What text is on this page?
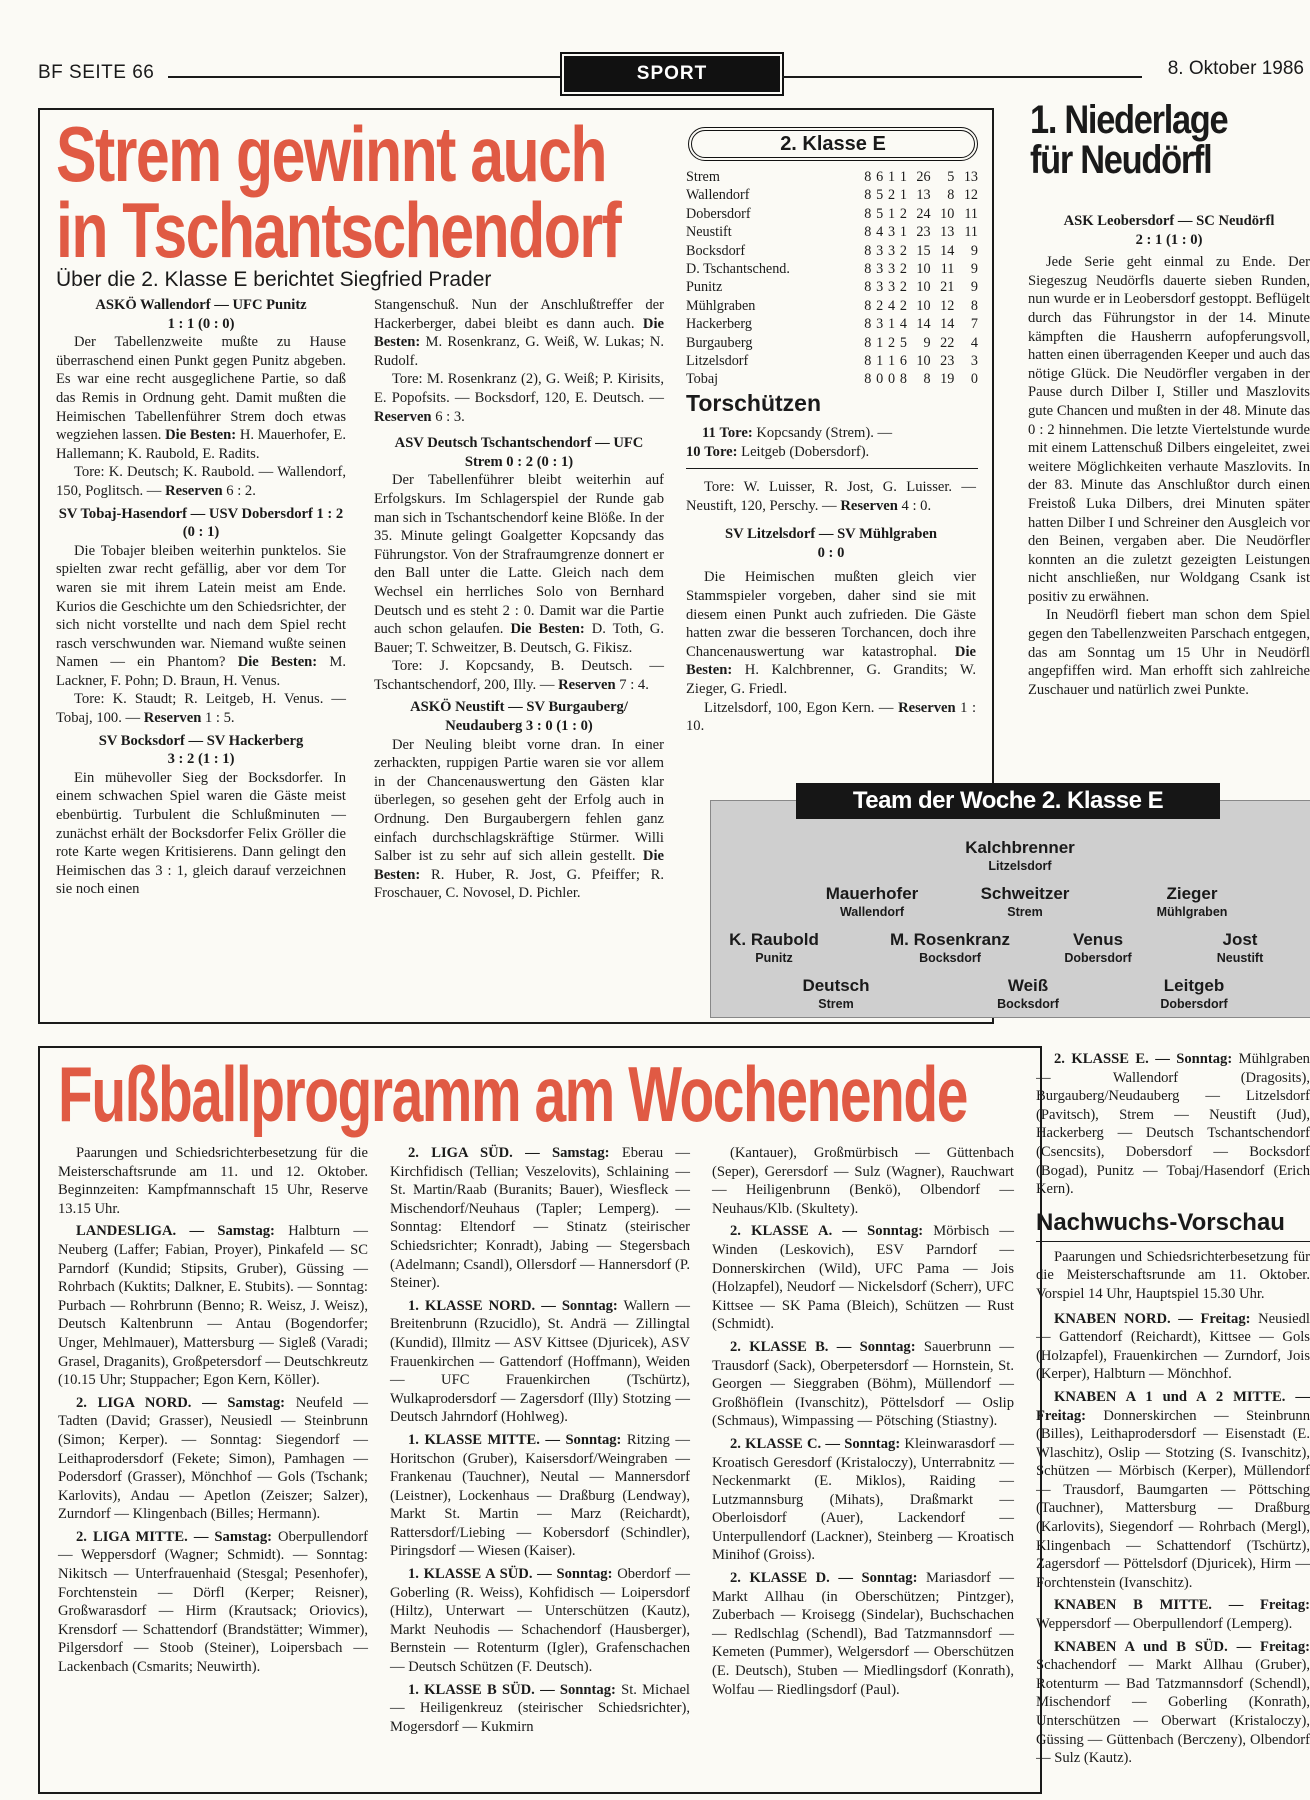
BF SEITE 66	SPORT	8. Oktober 1986
Strem gewinnt auch
in Tschantschendorf
Über die 2. Klasse E berichtet Siegfried Prader

ASKÖ Wallendorf — UFC Punitz

1 : 1 (0 : 0)

Der Tabellenzweite mußte zu Hause überraschend einen Punkt gegen Punitz abgeben. Es war eine recht ausgeglichene Partie, so daß das Remis in Ordnung geht. Damit mußten die Heimischen Tabellenführer Strem doch etwas wegziehen lassen. Die Besten: H. Mauerhofer, E. Hallemann; K. Raubold, E. Radits.

Tore: K. Deutsch; K. Raubold. — Wallendorf, 150, Poglitsch. — Reserven 6 : 2.

SV Tobaj-Hasendorf — USV Dobersdorf 1 : 2 (0 : 1)

Die Tobajer bleiben weiterhin punktelos. Sie spielten zwar recht gefällig, aber vor dem Tor waren sie mit ihrem Latein meist am Ende. Kurios die Geschichte um den Schiedsrichter, der sich nicht vorstellte und nach dem Spiel recht rasch verschwunden war. Niemand wußte seinen Namen — ein Phantom? Die Besten: M. Lackner, F. Pohn; D. Braun, H. Venus.

Tore: K. Staudt; R. Leitgeb, H. Venus. — Tobaj, 100. — Reserven 1 : 5.

SV Bocksdorf — SV Hackerberg

3 : 2 (1 : 1)

Ein mühevoller Sieg der Bocksdorfer. In einem schwachen Spiel waren die Gäste meist ebenbürtig. Turbulent die Schlußminuten — zunächst erhält der Bocksdorfer Felix Gröller die rote Karte wegen Kritisierens. Dann gelingt den Heimischen das 3 : 1, gleich darauf verzeichnen sie noch einen

Stangenschuß. Nun der Anschlußtreffer der Hackerberger, dabei bleibt es dann auch. Die Besten: M. Rosenkranz, G. Weiß, W. Lukas; N. Rudolf.

Tore: M. Rosenkranz (2), G. Weiß; P. Kirisits, E. Popofsits. — Bocksdorf, 120, E. Deutsch. — Reserven 6 : 3.

ASV Deutsch Tschantschendorf — UFC Strem 0 : 2 (0 : 1)

Der Tabellenführer bleibt weiterhin auf Erfolgskurs. Im Schlagerspiel der Runde gab man sich in Tschantschendorf keine Blöße. In der 35. Minute gelingt Goalgetter Kopcsandy das Führungstor. Von der Strafraumgrenze donnert er den Ball unter die Latte. Gleich nach dem Wechsel ein herrliches Solo von Bernhard Deutsch und es steht 2 : 0. Damit war die Partie auch schon gelaufen. Die Besten: D. Toth, G. Bauer; T. Schweitzer, B. Deutsch, G. Fikisz.

Tore: J. Kopcsandy, B. Deutsch. — Tschantschendorf, 200, Illy. — Reserven 7 : 4.

ASKÖ Neustift — SV Burgauberg/ Neudauberg 3 : 0 (1 : 0)

Der Neuling bleibt vorne dran. In einer zerhackten, ruppigen Partie waren sie vor allem in der Chancenauswertung den Gästen klar überlegen, so gesehen geht der Erfolg auch in Ordnung. Den Burgaubergern fehlen ganz einfach durchschlagskräftige Stürmer. Willi Salber ist zu sehr auf sich allein gestellt. Die Besten: R. Huber, R. Jost, G. Pfeiffer; R. Froschauer, C. Novosel, D. Pichler.

2. Klasse E
Strem	8	6	1	1	26	5	13
Wallendorf	8	5	2	1	13	8	12
Dobersdorf	8	5	1	2	24	10	11
Neustift	8	4	3	1	23	13	11
Bocksdorf	8	3	3	2	15	14	9
D. Tschantschend.	8	3	3	2	10	11	9
Punitz	8	3	3	2	10	21	9
Mühlgraben	8	2	4	2	10	12	8
Hackerberg	8	3	1	4	14	14	7
Burgauberg	8	1	2	5	9	22	4
Litzelsdorf	8	1	1	6	10	23	3
Tobaj	8	0	0	8	8	19	0
Torschützen

11 Tore: Kopcsandy (Strem). —

10 Tore: Leitgeb (Dobersdorf).

Tore: W. Luisser, R. Jost, G. Luisser. — Neustift, 120, Perschy. — Reserven 4 : 0.

SV Litzelsdorf — SV Mühlgraben

0 : 0

Die Heimischen mußten gleich vier Stammspieler vorgeben, daher sind sie mit diesem einen Punkt auch zufrieden. Die Gäste hatten zwar die besseren Torchancen, doch ihre Chancenauswertung war katastrophal. Die Besten: H. Kalchbrenner, G. Grandits; W. Zieger, G. Friedl.

Litzelsdorf, 100, Egon Kern. — Reserven 1 : 10.

Team der Woche 2. Klasse E
Kalchbrenner
Litzelsdorf
Mauerhofer
Wallendorf
Schweitzer
Strem
Zieger
Mühlgraben
K. Raubold
Punitz
M. Rosenkranz
Bocksdorf
Venus
Dobersdorf
Jost
Neustift
Deutsch
Strem
Weiß
Bocksdorf
Leitgeb
Dobersdorf
1. Niederlage
für Neudörfl

ASK Leobersdorf — SC Neudörfl

2 : 1 (1 : 0)

Jede Serie geht einmal zu Ende. Der Siegeszug Neudörfls dauerte sieben Runden, nun wurde er in Leobersdorf gestoppt. Beflügelt durch das Führungstor in der 14. Minute kämpften die Hausherrn aufopferungsvoll, hatten einen überragenden Keeper und auch das nötige Glück. Die Neudörfler vergaben in der Pause durch Dilber I, Stiller und Maszlovits gute Chancen und mußten in der 48. Minute das 0 : 2 hinnehmen. Die letzte Viertelstunde wurde mit einem Lattenschuß Dilbers eingeleitet, zwei weitere Möglichkeiten verhaute Maszlovits. In der 83. Minute das Anschlußtor durch einen Freistoß Luka Dilbers, drei Minuten später hatten Dilber I und Schreiner den Ausgleich vor den Beinen, vergaben aber. Die Neudörfler konnten an die zuletzt gezeigten Leistungen nicht anschließen, nur Woldgang Csank ist positiv zu erwähnen.

In Neudörfl fiebert man schon dem Spiel gegen den Tabellenzweiten Parschach entgegen, das am Sonntag um 15 Uhr in Neudörfl angepfiffen wird. Man erhofft sich zahlreiche Zuschauer und natürlich zwei Punkte.

Fußballprogramm am Wochenende

Paarungen und Schiedsrichterbesetzung für die Meisterschaftsrunde am 11. und 12. Oktober. Beginnzeiten: Kampfmannschaft 15 Uhr, Reserve 13.15 Uhr.

LANDESLIGA. — Samstag: Halbturn — Neuberg (Laffer; Fabian, Proyer), Pinkafeld — SC Parndorf (Kundid; Stipsits, Gruber), Güssing — Rohrbach (Kuktits; Dalkner, E. Stubits). — Sonntag: Purbach — Rohrbrunn (Benno; R. Weisz, J. Weisz), Deutsch Kaltenbrunn — Antau (Bogendorfer; Unger, Mehlmauer), Mattersburg — Sigleß (Varadi; Grasel, Draganits), Großpetersdorf — Deutschkreutz (10.15 Uhr; Stuppacher; Egon Kern, Köller).

2. LIGA NORD. — Samstag: Neufeld — Tadten (David; Grasser), Neusiedl — Steinbrunn (Simon; Kerper). — Sonntag: Siegendorf — Leithaprodersdorf (Fekete; Simon), Pamhagen — Podersdorf (Grasser), Mönchhof — Gols (Tschank; Karlovits), Andau — Apetlon (Zeiszer; Salzer), Zurndorf — Klingenbach (Billes; Hermann).

2. LIGA MITTE. — Samstag: Oberpullendorf — Weppersdorf (Wagner; Schmidt). — Sonntag: Nikitsch — Unterfrauenhaid (Stesgal; Pesenhofer), Forchtenstein — Dörfl (Kerper; Reisner), Großwarasdorf — Hirm (Krautsack; Oriovics), Krensdorf — Schattendorf (Brandstätter; Wimmer), Pilgersdorf — Stoob (Steiner), Loipersbach — Lackenbach (Csmarits; Neuwirth).

2. LIGA SÜD. — Samstag: Eberau — Kirchfidisch (Tellian; Veszelovits), Schlaining — St. Martin/Raab (Buranits; Bauer), Wiesfleck — Mischendorf/Neuhaus (Tapler; Lemperg). — Sonntag: Eltendorf — Stinatz (steirischer Schiedsrichter; Konradt), Jabing — Stegersbach (Adelmann; Csandl), Ollersdorf — Hannersdorf (P. Steiner).

1. KLASSE NORD. — Sonntag: Wallern — Breitenbrunn (Rzucidlo), St. Andrä — Zillingtal (Kundid), Illmitz — ASV Kittsee (Djuricek), ASV Frauenkirchen — Gattendorf (Hoffmann), Weiden — UFC Frauenkirchen (Tschürtz), Wulkaprodersdorf — Zagersdorf (Illy) Stotzing — Deutsch Jahrndorf (Hohlweg).

1. KLASSE MITTE. — Sonntag: Ritzing — Horitschon (Gruber), Kaisersdorf/Weingraben — Frankenau (Tauchner), Neutal — Mannersdorf (Leistner), Lockenhaus — Draßburg (Lendway), Markt St. Martin — Marz (Reichardt), Rattersdorf/Liebing — Kobersdorf (Schindler), Piringsdorf — Wiesen (Kaiser).

1. KLASSE A SÜD. — Sonntag: Oberdorf — Goberling (R. Weiss), Kohfidisch — Loipersdorf (Hiltz), Unterwart — Unterschützen (Kautz), Markt Neuhodis — Schachendorf (Hausberger), Bernstein — Rotenturm (Igler), Grafenschachen — Deutsch Schützen (F. Deutsch).

1. KLASSE B SÜD. — Sonntag: St. Michael — Heiligenkreuz (steirischer Schiedsrichter), Mogersdorf — Kukmirn

(Kantauer), Großmürbisch — Güttenbach (Seper), Gerersdorf — Sulz (Wagner), Rauchwart — Heiligenbrunn (Benkö), Olbendorf — Neuhaus/Klb. (Skultety).

2. KLASSE A. — Sonntag: Mörbisch — Winden (Leskovich), ESV Parndorf — Donnerskirchen (Wild), UFC Pama — Jois (Holzapfel), Neudorf — Nickelsdorf (Scherr), UFC Kittsee — SK Pama (Bleich), Schützen — Rust (Schmidt).

2. KLASSE B. — Sonntag: Sauerbrunn — Trausdorf (Sack), Oberpetersdorf — Hornstein, St. Georgen — Sieggraben (Böhm), Müllendorf — Großhöflein (Ivanschitz), Pöttelsdorf — Oslip (Schmaus), Wimpassing — Pötsching (Stiastny).

2. KLASSE C. — Sonntag: Kleinwarasdorf — Kroatisch Geresdorf (Kristaloczy), Unterrabnitz — Neckenmarkt (E. Miklos), Raiding — Lutzmannsburg (Mihats), Draßmarkt — Oberloisdorf (Auer), Lackendorf — Unterpullendorf (Lackner), Steinberg — Kroatisch Minihof (Groiss).

2. KLASSE D. — Sonntag: Mariasdorf — Markt Allhau (in Oberschützen; Pintzger), Zuberbach — Kroisegg (Sindelar), Buchschachen — Redlschlag (Schendl), Bad Tatzmannsdorf — Kemeten (Pummer), Welgersdorf — Oberschützen (E. Deutsch), Stuben — Miedlingsdorf (Konrath), Wolfau — Riedlingsdorf (Paul).

2. KLASSE E. — Sonntag: Mühlgraben — Wallendorf (Dragosits), Burgauberg/Neudauberg — Litzelsdorf (Pavitsch), Strem — Neustift (Jud), Hackerberg — Deutsch Tschantschendorf (Csencsits), Dobersdorf — Bocksdorf (Bogad), Punitz — Tobaj/Hasendorf (Erich Kern).

Nachwuchs-Vorschau

Paarungen und Schiedsrichterbesetzung für die Meisterschaftsrunde am 11. Oktober. Vorspiel 14 Uhr, Hauptspiel 15.30 Uhr.

KNABEN NORD. — Freitag: Neusiedl — Gattendorf (Reichardt), Kittsee — Gols (Holzapfel), Frauenkirchen — Zurndorf, Jois (Kerper), Halbturn — Mönchhof.

KNABEN A 1 und A 2 MITTE. — Freitag: Donnerskirchen — Steinbrunn (Billes), Leithaprodersdorf — Eisenstadt (E. Wlaschitz), Oslip — Stotzing (S. Ivanschitz), Schützen — Mörbisch (Kerper), Müllendorf — Trausdorf, Baumgarten — Pöttsching (Tauchner), Mattersburg — Draßburg (Karlovits), Siegendorf — Rohrbach (Mergl), Klingenbach — Schattendorf (Tschürtz), Zagersdorf — Pöttelsdorf (Djuricek), Hirm — Forchtenstein (Ivanschitz).

KNABEN B MITTE. — Freitag: Weppersdorf — Oberpullendorf (Lemperg).

KNABEN A und B SÜD. — Freitag: Schachendorf — Markt Allhau (Gruber), Rotenturm — Bad Tatzmannsdorf (Schendl), Mischendorf — Goberling (Konrath), Unterschützen — Oberwart (Kristaloczy), Güssing — Güttenbach (Berczeny), Olbendorf — Sulz (Kautz).
